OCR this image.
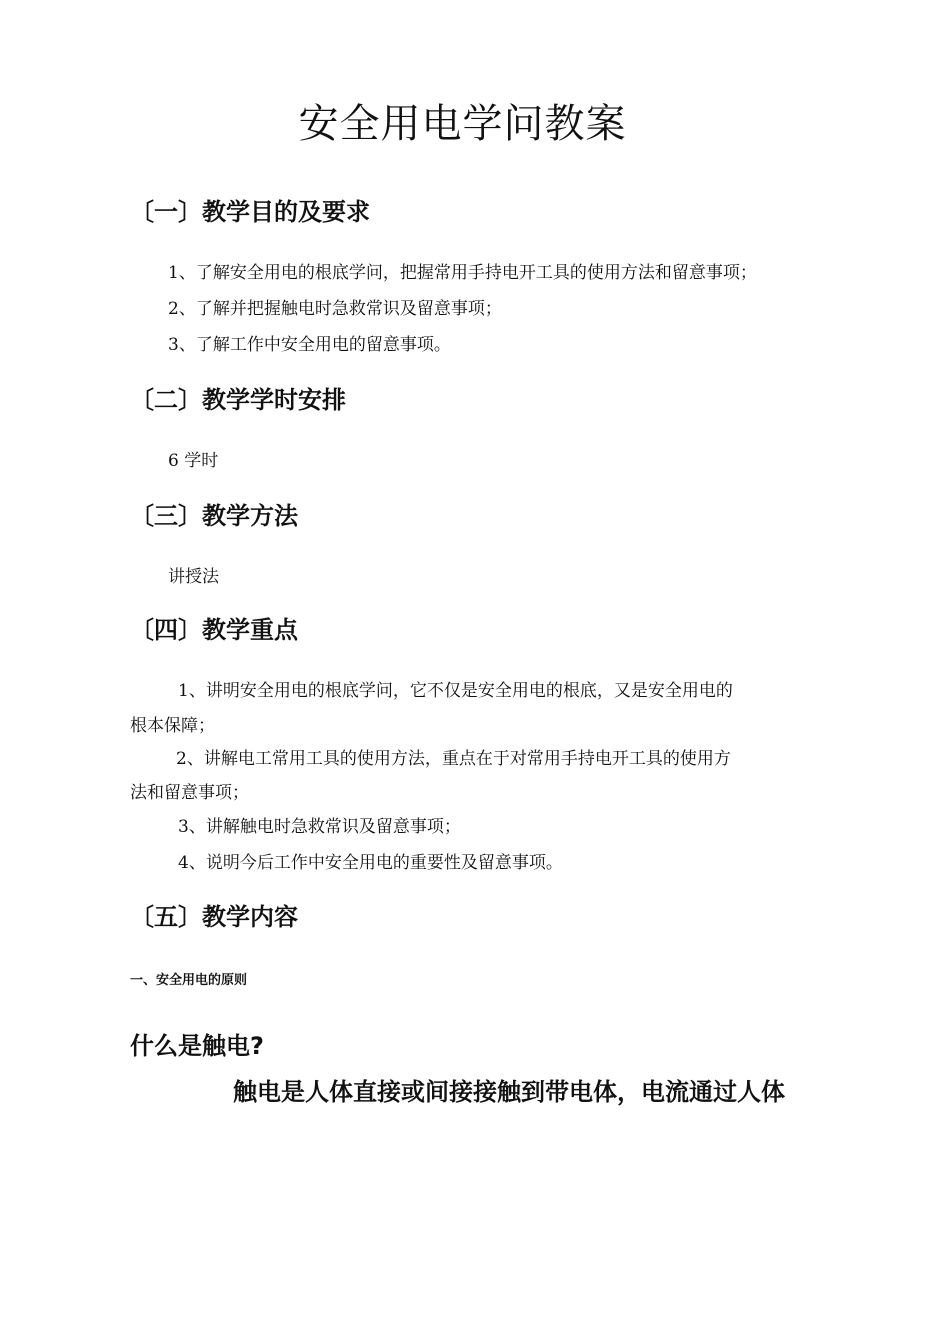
安全用电学问教案
〔一〕教学目的及要求
1、了解安全用电的根底学问，把握常用手持电开工具的使用方法和留意事项；
2、了解并把握触电时急救常识及留意事项；
3、了解工作中安全用电的留意事项。
〔二〕教学学时安排
6 学时
〔三〕教学方法
讲授法
〔四〕教学重点
1、讲明安全用电的根底学问，它不仅是安全用电的根底，又是安全用电的
根本保障；
2、讲解电工常用工具的使用方法，重点在于对常用手持电开工具的使用方
法和留意事项；
3、讲解触电时急救常识及留意事项；
4、说明今后工作中安全用电的重要性及留意事项。
〔五〕教学内容
一、安全用电的原则
什么是触电?
触电是人体直接或间接接触到带电体，电流通过人体
